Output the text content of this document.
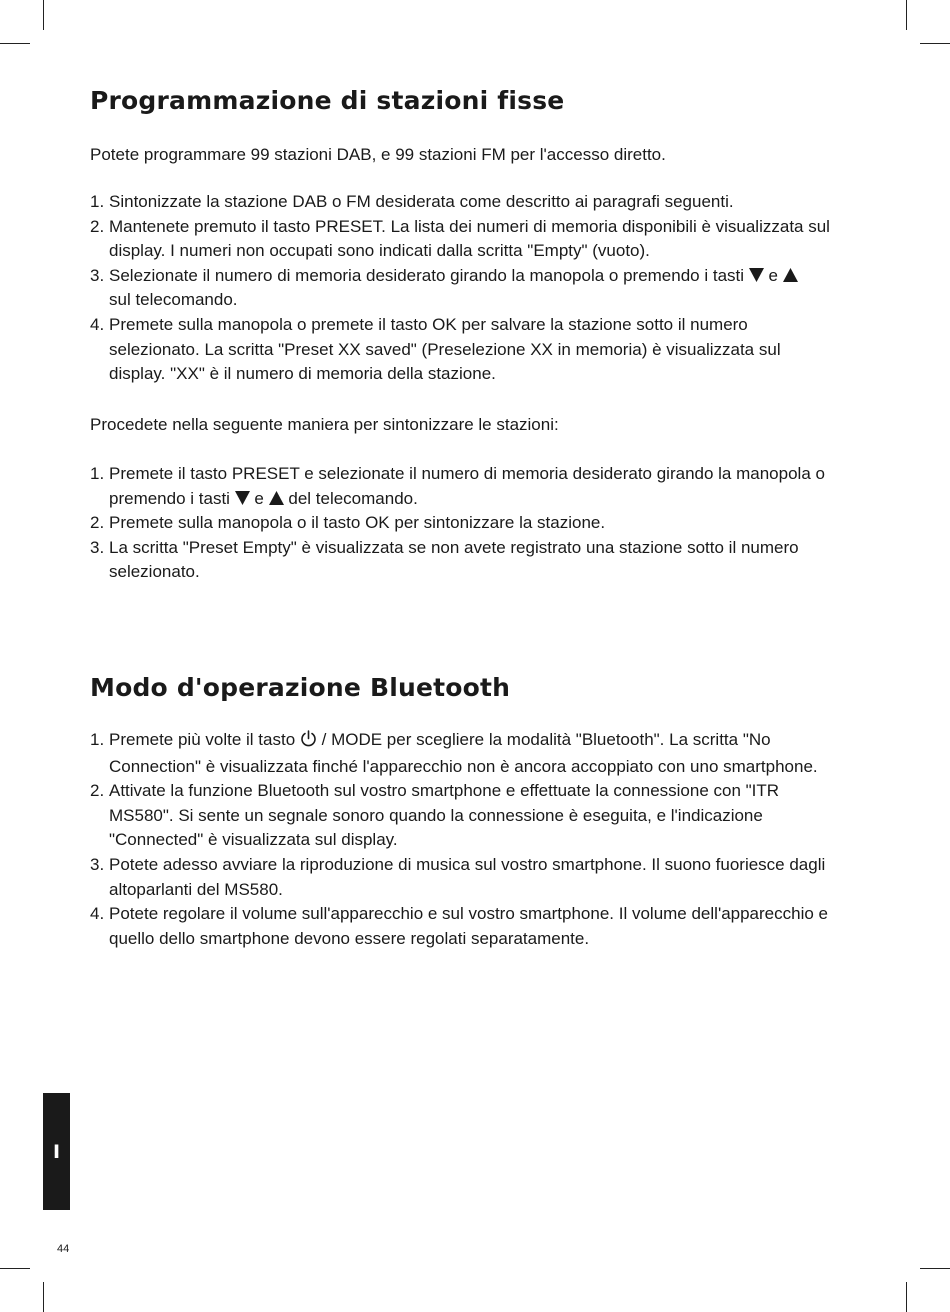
Programmazione di stazioni fisse

Potete programmare 99 stazioni DAB, e 99 stazioni FM per l'accesso diretto.

1. Sintonizzate la stazione DAB o FM desiderata come descritto ai paragrafi seguenti.
2. Mantenete premuto il tasto PRESET. La lista dei numeri di memoria disponibili è visualizzata sul
display. I numeri non occupati sono indicati dalla scritta "Empty" (vuoto).
3. Selezionate il numero di memoria desiderato girando la manopola o premendo i tasti e

sul telecomando.
4. Premete sulla manopola o premete il tasto OK per salvare la stazione sotto il numero
selezionato. La scritta "Preset XX saved" (Preselezione XX in memoria) è visualizzata sul
display. "XX" è il numero di memoria della stazione.

Procedete nella seguente maniera per sintonizzare le stazioni:

1. Premete il tasto PRESET e selezionate il numero di memoria desiderato girando la manopola o
premendo i tasti e del telecomando.
2. Premete sulla manopola o il tasto OK per sintonizzare la stazione.
3. La scritta "Preset Empty" è visualizzata se non avete registrato una stazione sotto il numero
selezionato.
Modo d'operazione Bluetooth
1. Premete più volte il tasto / MODE per scegliere la modalità "Bluetooth". La scritta "No
Connection" è visualizzata finché l'apparecchio non è ancora accoppiato con uno smartphone.
2. Attivate la funzione Bluetooth sul vostro smartphone e effettuate la connessione con "ITR
MS580". Si sente un segnale sonoro quando la connessione è eseguita, e l'indicazione
"Connected" è visualizzata sul display.
3. Potete adesso avviare la riproduzione di musica sul vostro smartphone. Il suono fuoriesce dagli
altoparlanti del MS580.
4. Potete regolare il volume sull'apparecchio e sul vostro smartphone. Il volume dell'apparecchio e
quello dello smartphone devono essere regolati separatamente.
I
44
